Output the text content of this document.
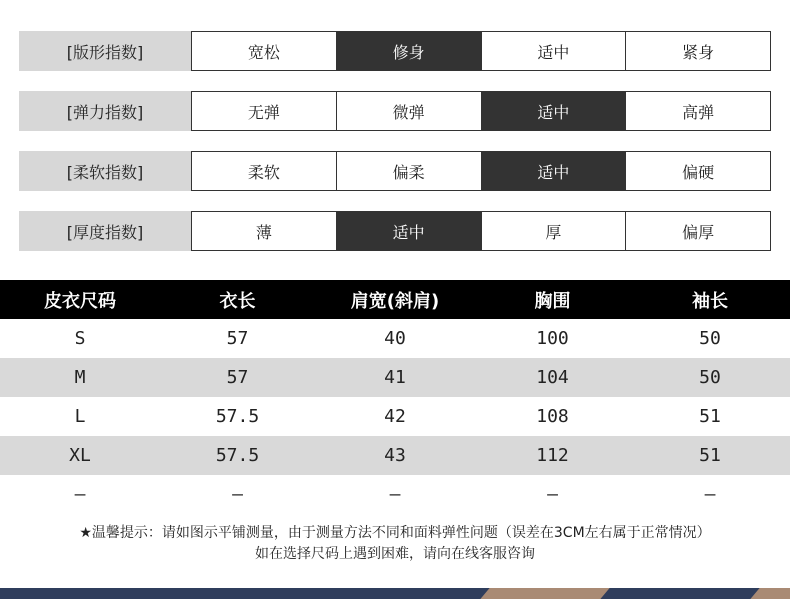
[版形指数]	宽松	修身	适中	紧身
[弹力指数]	无弹	微弹	适中	高弹
[柔软指数]	柔软	偏柔	适中	偏硬
[厚度指数]	薄	适中	厚	偏厚
皮衣尺码	衣长	肩宽(斜肩)	胸围	袖长
S	57	40	100	50
M	57	41	104	50
L	57.5	42	108	51
XL	57.5	43	112	51
–	–	–	–	–
★温馨提示：请如图示平铺测量，由于测量方法不同和面料弹性问题（误差在3CM左右属于正常情况）
如在选择尺码上遇到困难，请向在线客服咨询
